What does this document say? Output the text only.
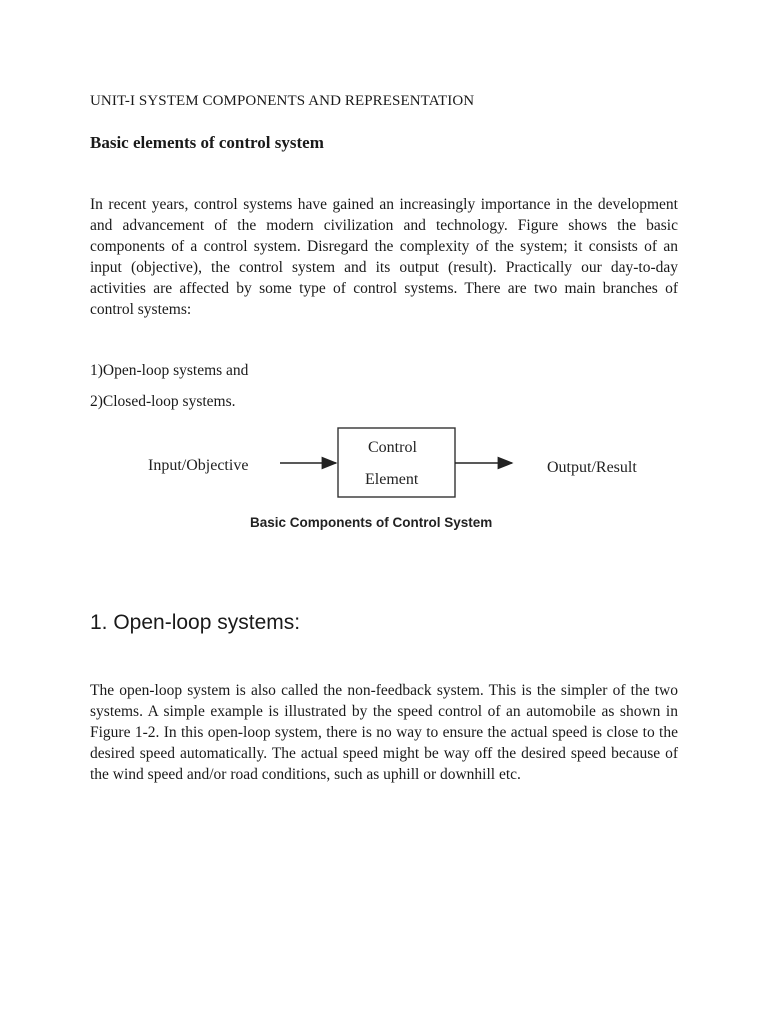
UNIT-I SYSTEM COMPONENTS AND REPRESENTATION
Basic elements of control system

In recent years, control systems have gained an increasingly importance in the development and advancement of the modern civilization and technology. Figure shows the basic components of a control system. Disregard the complexity of the system; it consists of an input (objective), the control system and its output (result). Practically our day-to-day activities are affected by some type of control systems. There are two main branches of control systems:

1)Open-loop systems and
2)Closed-loop systems.
Input/Objective
Control
Element
Output/Result
Basic Components of Control System
1. Open-loop systems:

The open-loop system is also called the non-feedback system. This is the simpler of the two systems. A simple example is illustrated by the speed control of an automobile as shown in Figure 1-2. In this open-loop system, there is no way to ensure the actual speed is close to the desired speed automatically. The actual speed might be way off the desired speed because of the wind speed and/or road conditions, such as uphill or downhill etc.
